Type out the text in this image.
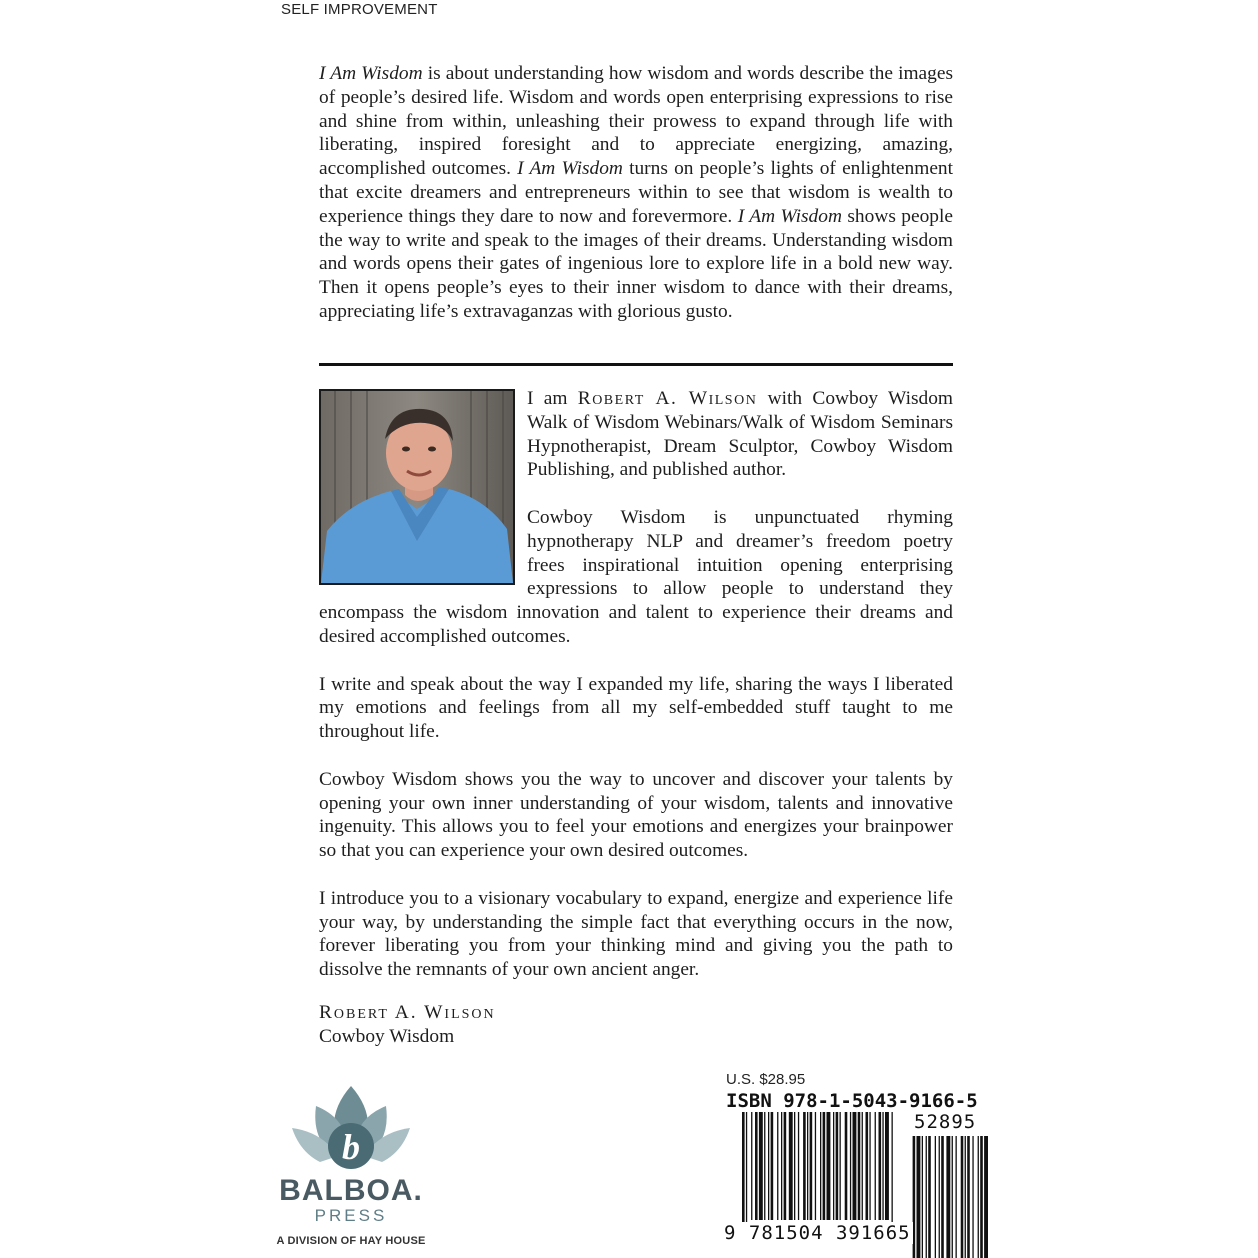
SELF IMPROVEMENT

I Am Wisdom is about understanding how wisdom and words describe the images of people’s desired life. Wisdom and words open enterprising expressions to rise and shine from within, unleashing their prowess to expand through life with liberating, inspired foresight and to appreciate energizing, amazing, accomplished outcomes. I Am Wisdom turns on people’s lights of enlightenment that excite dreamers and entrepreneurs within to see that wisdom is wealth to experience things they dare to now and forevermore. I Am Wisdom shows people the way to write and speak to the images of their dreams. Understanding wisdom and words opens their gates of ingenious lore to explore life in a bold new way. Then it opens people’s eyes to their inner wisdom to dance with their dreams, appreciating life’s extravaganzas with glorious gusto.

I am Robert A. Wilson with Cowboy Wisdom Walk of Wisdom Webinars/Walk of Wisdom Seminars Hypnotherapist, Dream Sculptor, Cowboy Wisdom Publishing, and published author.

Cowboy Wisdom is unpunctuated rhyming hypnotherapy NLP and dreamer’s freedom poetry frees inspirational intuition opening enterprising expressions to allow people to understand they encompass the wisdom innovation and talent to experience their dreams and desired accomplished outcomes.

I write and speak about the way I expanded my life, sharing the ways I liberated my emotions and feelings from all my self-embedded stuff taught to me throughout life.

Cowboy Wisdom shows you the way to uncover and discover your talents by opening your own inner understanding of your wisdom, talents and innovative ingenuity. This allows you to feel your emotions and energizes your brainpower so that you can experience your own desired outcomes.

I introduce you to a visionary vocabulary to expand, energize and experience life your way, by understanding the simple fact that everything occurs in the now, forever liberating you from your thinking mind and giving you the path to dissolve the remnants of your own ancient anger.

Robert A. Wilson
Cowboy Wisdom
b
BALBOA.
PRESS
A DIVISION OF HAY HOUSE
U.S. $28.95
ISBN 978-1-5043-9166-5
52895
9 781504 391665
